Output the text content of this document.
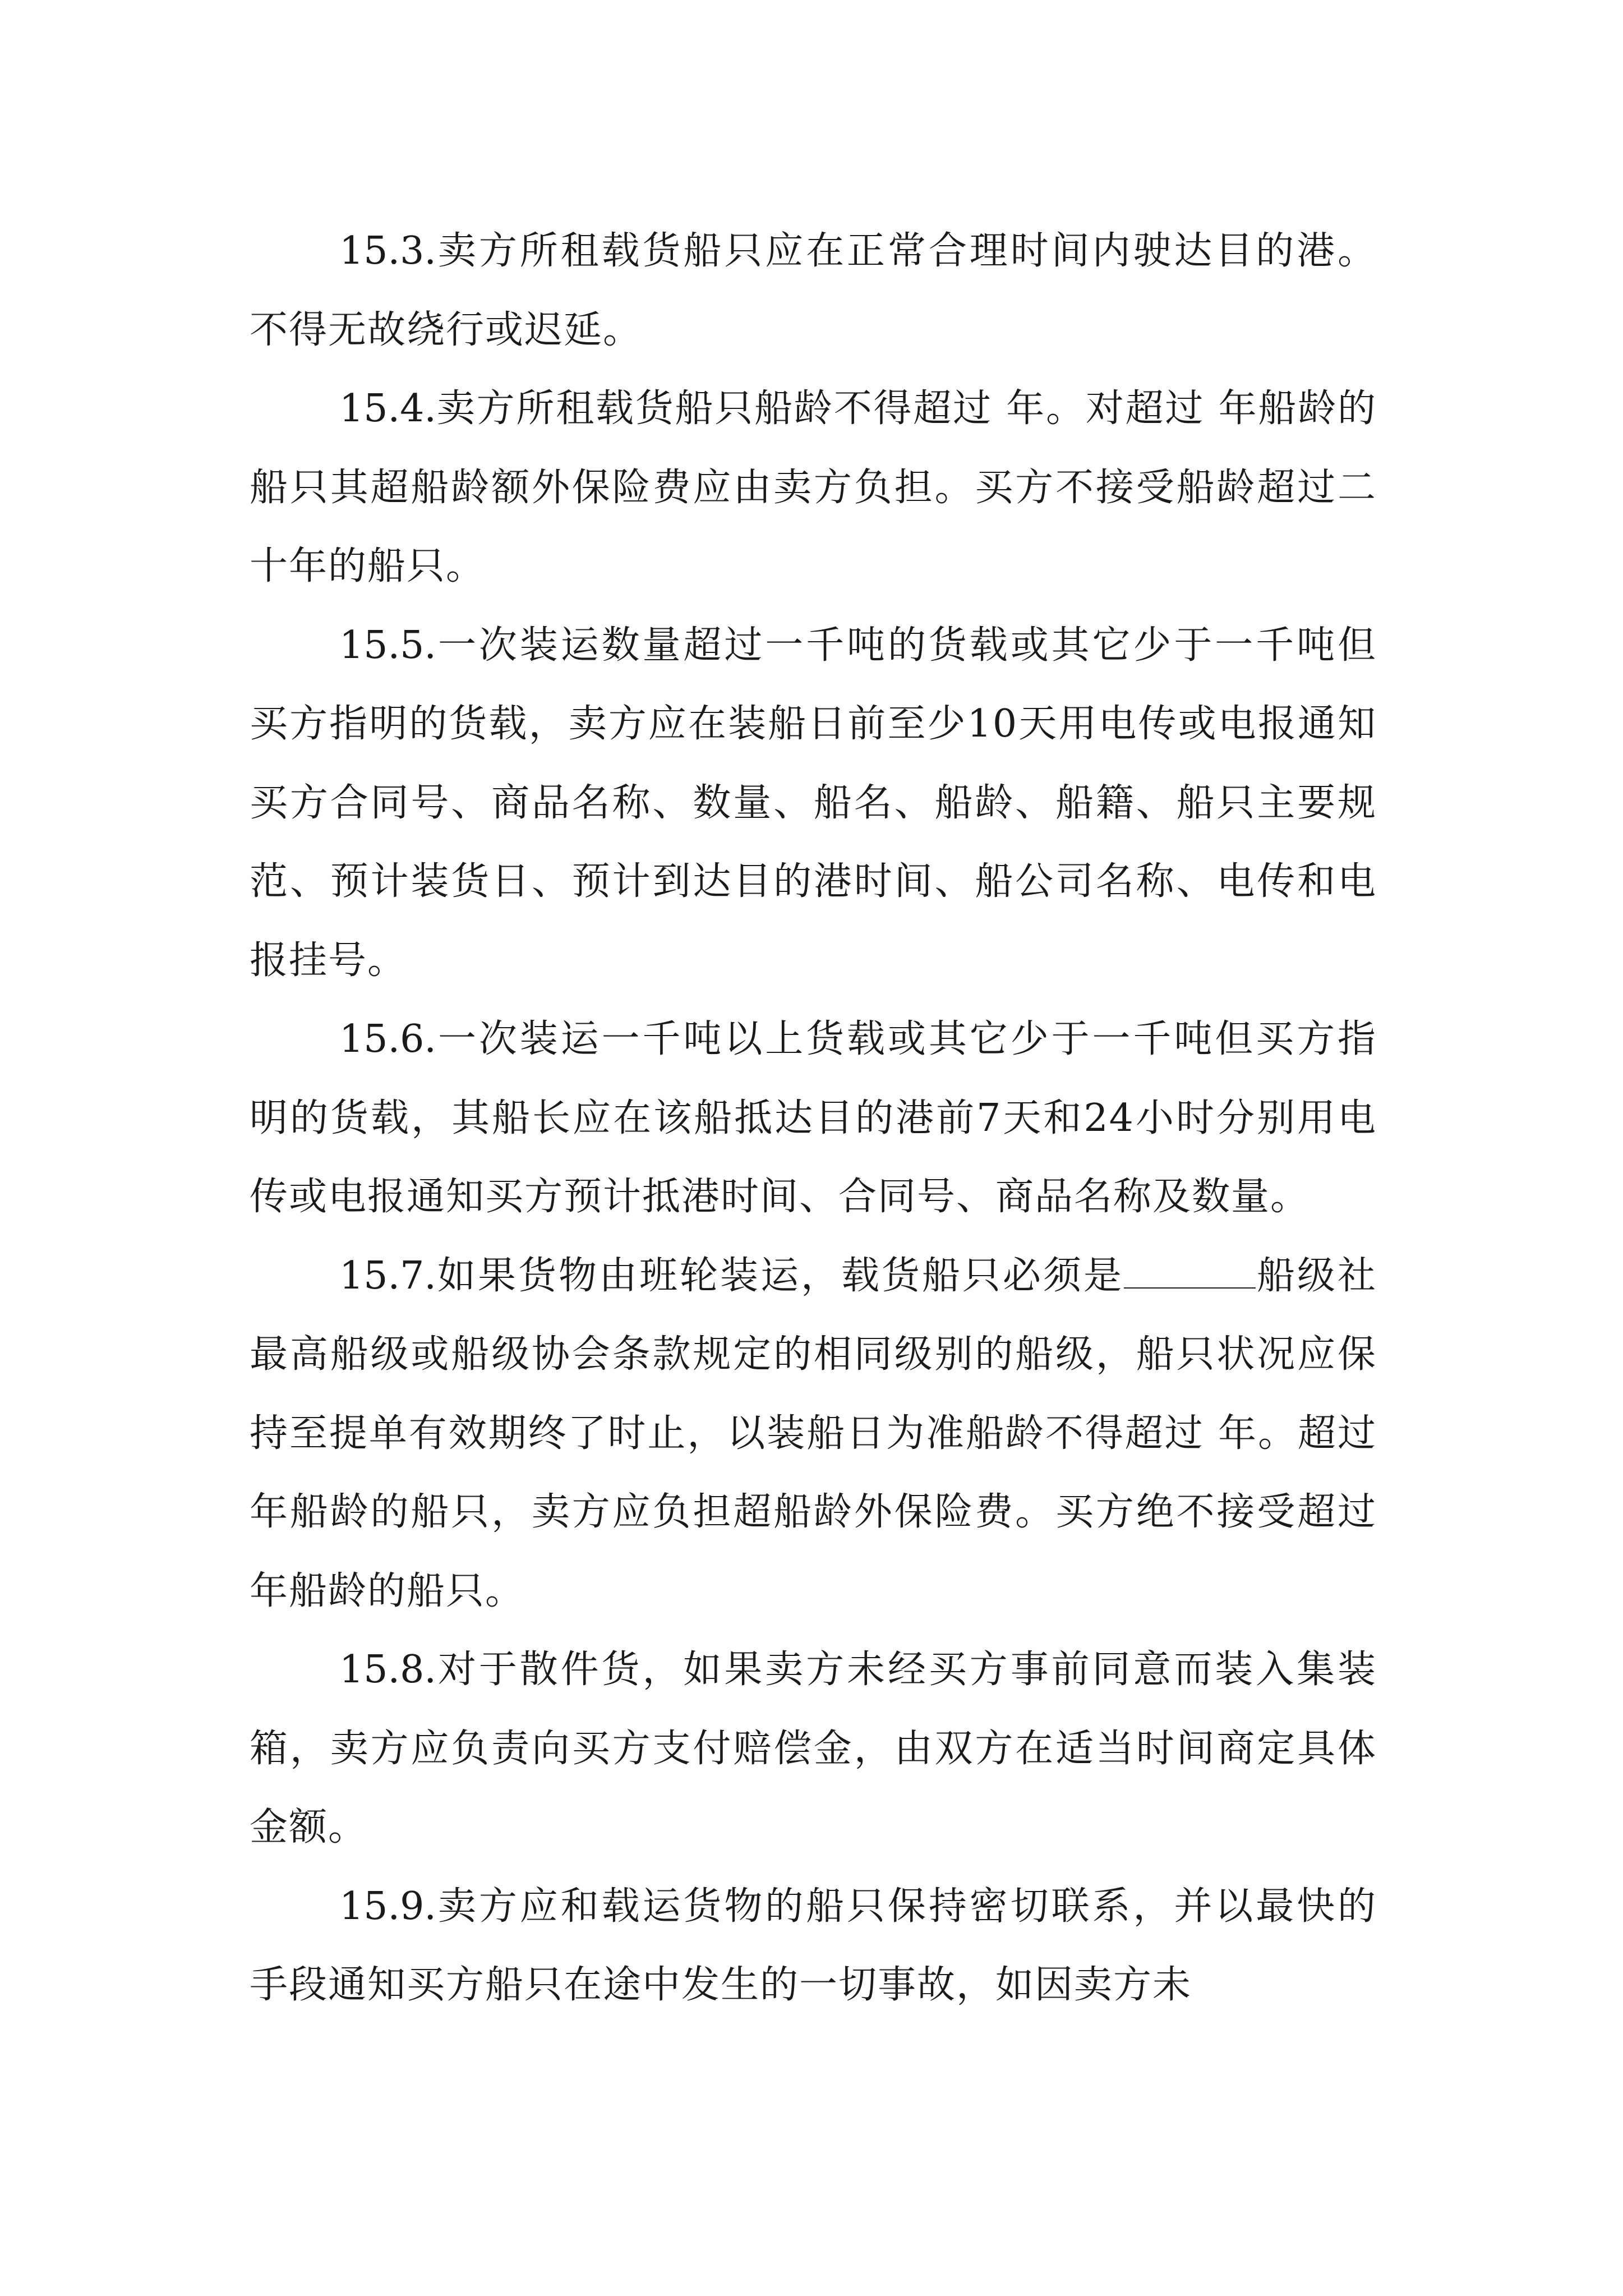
15.3.卖方所租载货船只应在正常合理时间内驶达目的港。不得无故绕行或迟延。

15.4.卖方所租载货船只船龄不得超过 年。对超过 年船龄的船只其超船龄额外保险费应由卖方负担。买方不接受船龄超过二十年的船只。

15.5.一次装运数量超过一千吨的货载或其它少于一千吨但买方指明的货载，卖方应在装船日前至少10天用电传或电报通知买方合同号、商品名称、数量、船名、船龄、船籍、船只主要规范、预计装货日、预计到达目的港时间、船公司名称、电传和电报挂号。

15.6.一次装运一千吨以上货载或其它少于一千吨但买方指明的货载，其船长应在该船抵达目的港前7天和24小时分别用电传或电报通知买方预计抵港时间、合同号、商品名称及数量。

15.7.如果货物由班轮装运，载货船只必须是	船级社最高船级或船级协会条款规定的相同级别的船级，船只状况应保持至提单有效期终了时止，以装船日为准船龄不得超过 年。超过 年船龄的船只，卖方应负担超船龄外保险费。买方绝不接受超过 年船龄的船只。

15.8.对于散件货，如果卖方未经买方事前同意而装入集装箱，卖方应负责向买方支付赔偿金，由双方在适当时间商定具体金额。

15.9.卖方应和载运货物的船只保持密切联系，并以最快的手段通知买方船只在途中发生的一切事故，如因卖方未
